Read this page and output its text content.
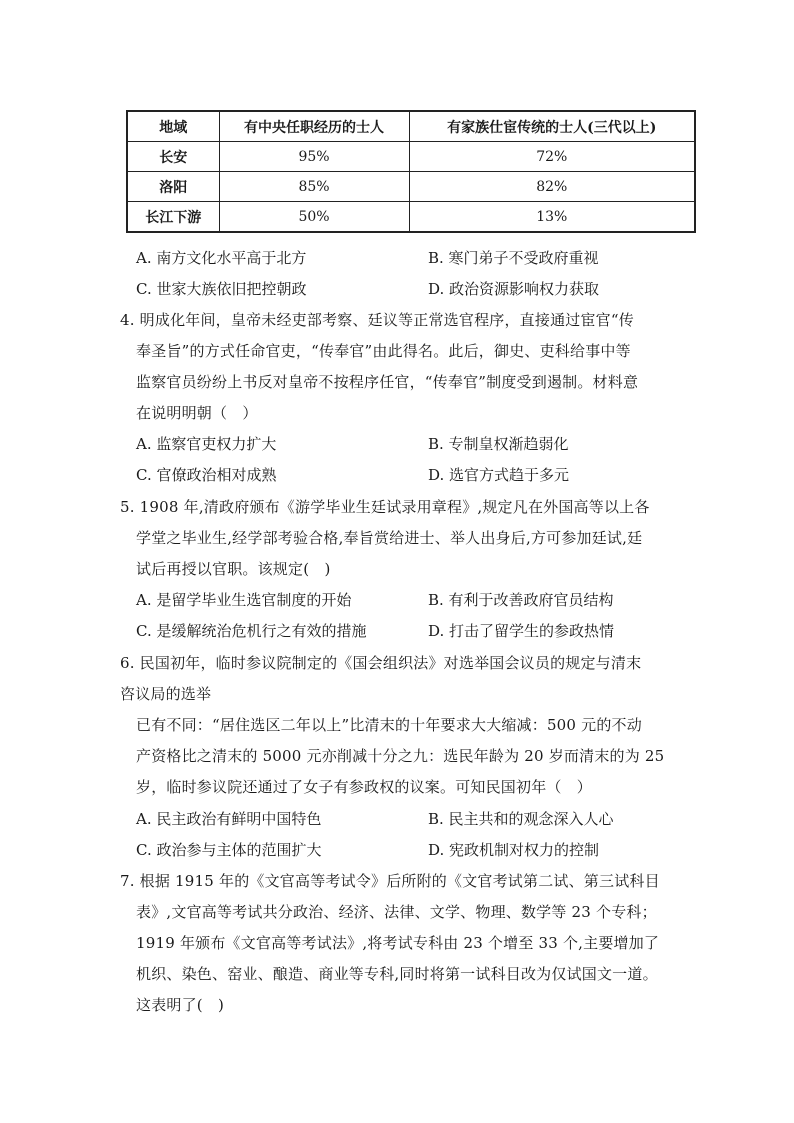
地域	有中央任职经历的士人	有家族仕宦传统的士人(三代以上)
长安	95%	72%
洛阳	85%	82%
长江下游	50%	13%
A. 南方文化水平高于北方	B. 寒门弟子不受政府重视
C. 世家大族依旧把控朝政	D. 政治资源影响权力获取
4. 明成化年间，皇帝未经吏部考察、廷议等正常选官程序，直接通过宦官“传
奉圣旨”的方式任命官吏，“传奉官”由此得名。此后，御史、吏科给事中等
监察官员纷纷上书反对皇帝不按程序任官，“传奉官”制度受到遏制。材料意
在说明明朝（　）
A. 监察官吏权力扩大	B. 专制皇权渐趋弱化
C. 官僚政治相对成熟	D. 选官方式趋于多元
5. 1908 年,清政府颁布《游学毕业生廷试录用章程》,规定凡在外国高等以上各
学堂之毕业生,经学部考验合格,奉旨赏给进士、举人出身后,方可参加廷试,廷
试后再授以官职。该规定(　)
A. 是留学毕业生选官制度的开始	B. 有利于改善政府官员结构
C. 是缓解统治危机行之有效的措施	D. 打击了留学生的参政热情
6. 民国初年，临时参议院制定的《国会组织法》对选举国会议员的规定与清末
咨议局的选举
已有不同：“居住选区二年以上”比清末的十年要求大大缩减：500 元的不动
产资格比之清末的 5000 元亦削减十分之九：选民年龄为 20 岁而清末的为 25
岁，临时参议院还通过了女子有参政权的议案。可知民国初年（　）
A. 民主政治有鲜明中国特色	B. 民主共和的观念深入人心
C. 政治参与主体的范围扩大	D. 宪政机制对权力的控制
7. 根据 1915 年的《文官高等考试令》后所附的《文官考试第二试、第三试科目
表》,文官高等考试共分政治、经济、法律、文学、物理、数学等 23 个专科；
1919 年颁布《文官高等考试法》,将考试专科由 23 个增至 33 个,主要增加了
机织、染色、窑业、酿造、商业等专科,同时将第一试科目改为仅试国文一道。
这表明了(　)
